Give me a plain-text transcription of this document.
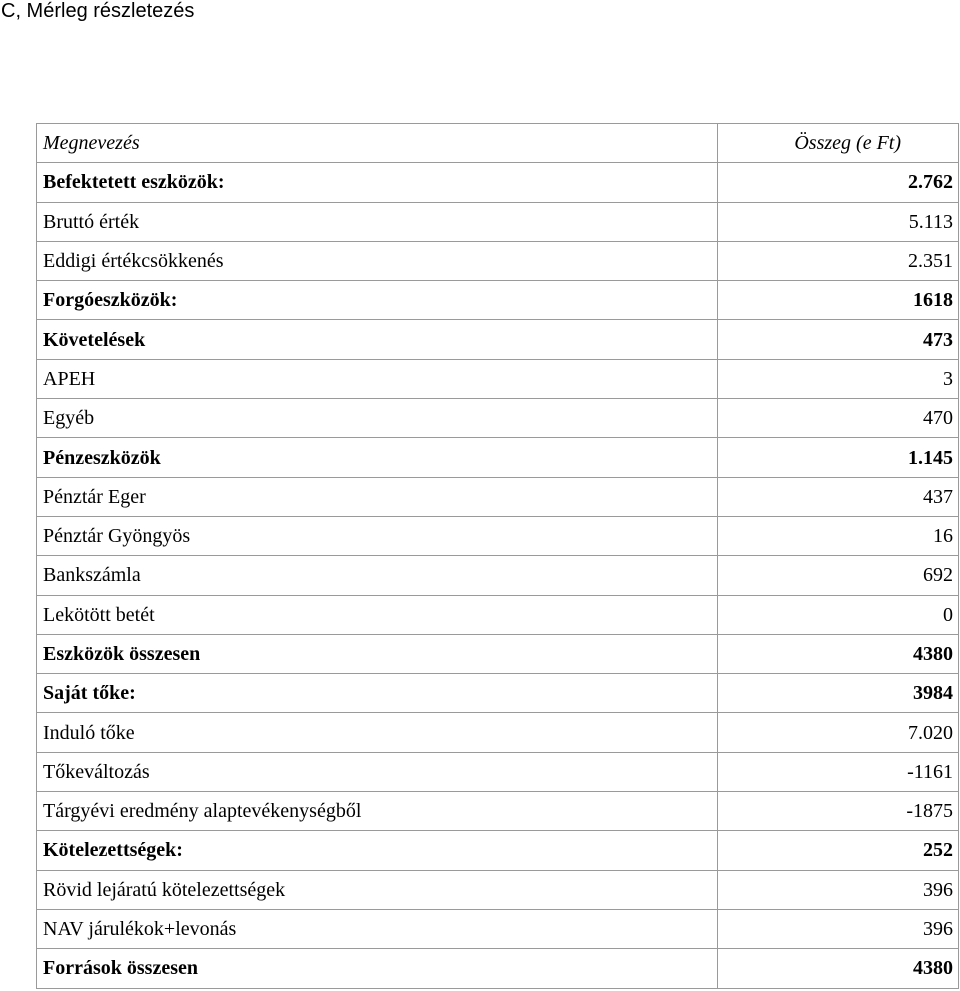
C, Mérleg részletezés
Megnevezés	Összeg (e Ft)
Befektetett eszközök:	2.762
Bruttó érték	5.113
Eddigi értékcsökkenés	2.351
Forgóeszközök:	1618
Követelések	473
APEH	3
Egyéb	470
Pénzeszközök	1.145
Pénztár Eger	437
Pénztár Gyöngyös	16
Bankszámla	692
Lekötött betét	0
Eszközök összesen	4380
Saját tőke:	3984
Induló tőke	7.020
Tőkeváltozás	-1161
Tárgyévi eredmény alaptevékenységből	-1875
Kötelezettségek:	252
Rövid lejáratú kötelezettségek	396
NAV járulékok+levonás	396
Források összesen	4380
